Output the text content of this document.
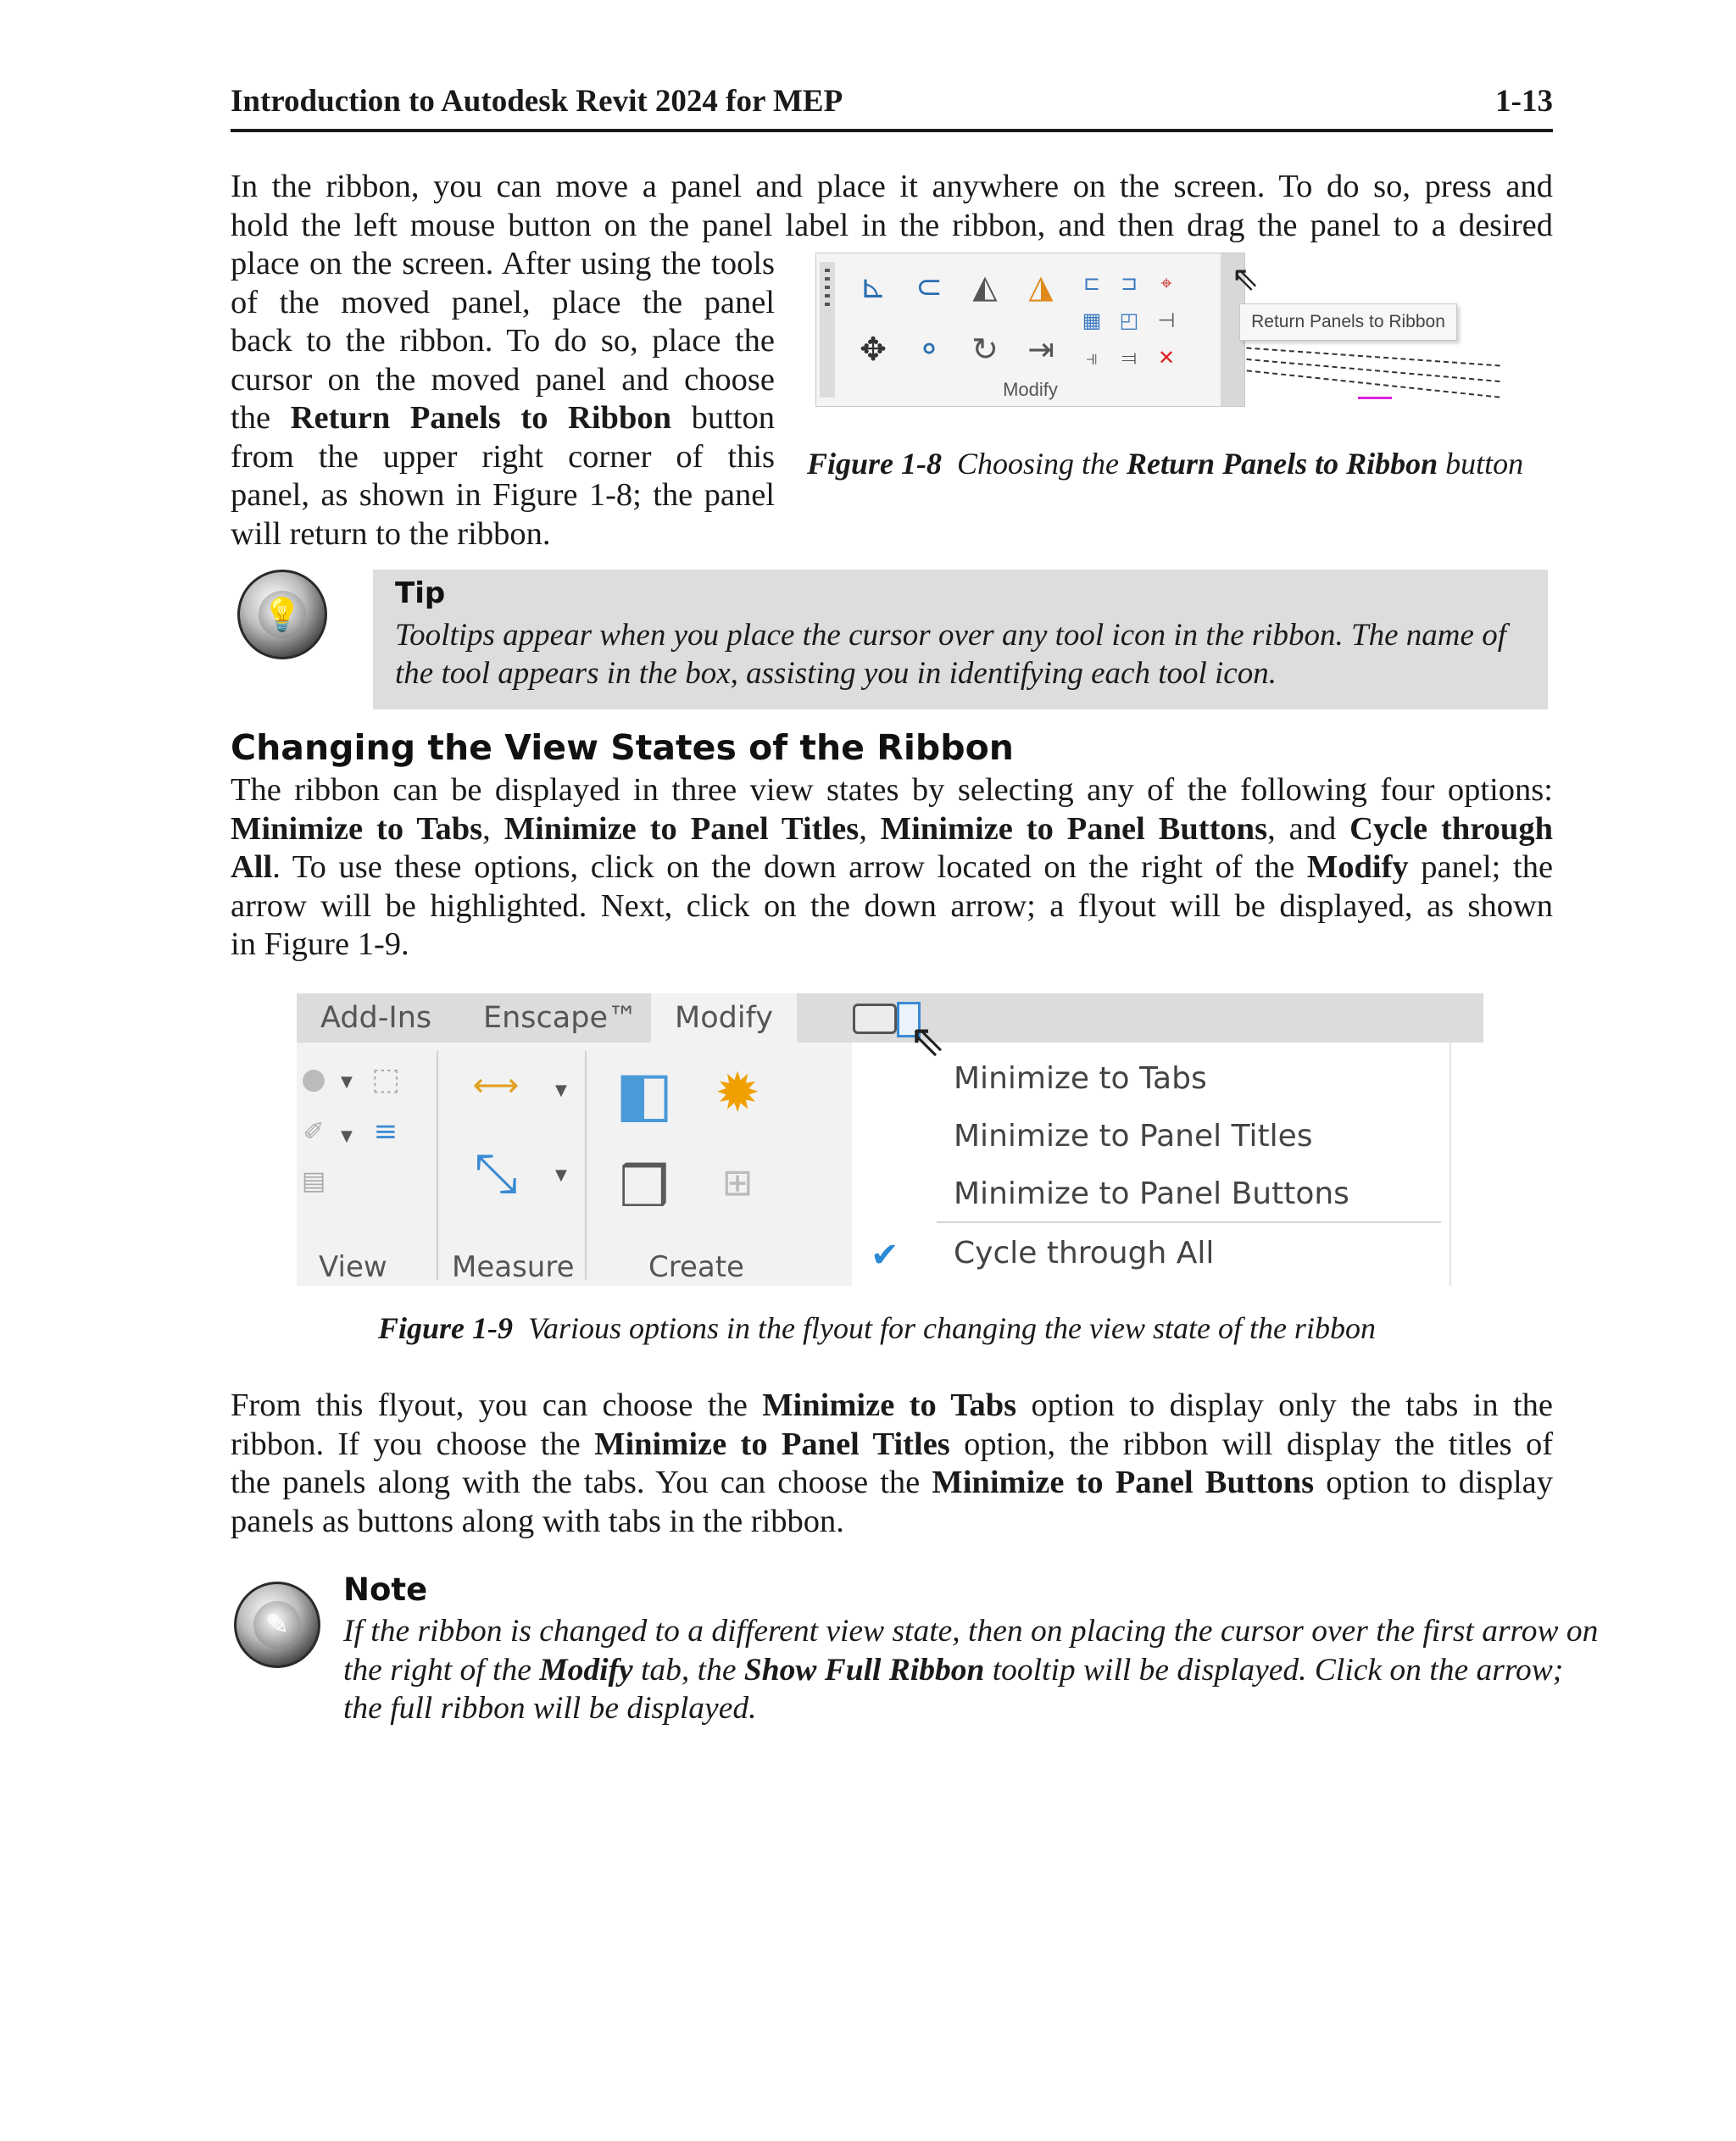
Introduction to Autodesk Revit 2024 for MEP	1-13
In the ribbon, you can move a panel and place it anywhere on the screen. To do so, press and
hold the left mouse button on the panel label in the ribbon, and then drag the panel to a desired
place on the screen. After using the tools
of the moved panel, place the panel
back to the ribbon. To do so, place the
cursor on the moved panel and choose
the Return Panels to Ribbon button
from the upper right corner of this
panel, as shown in Figure 1-8; the panel
will return to the ribbon.
⊾ ⊂ ◭ ◮	⊏ ⊐	⌖
✥ ⚬ ↻ ⇥
▦ ◰ ⊣
⫣	⫤	✕
Modify
⇖
Return Panels to Ribbon
Figure 1-8 Choosing the Return Panels to Ribbon button
💡
Tip
Tooltips appear when you place the cursor over any tool icon in the ribbon. The name of the tool appears in the box, assisting you in identifying each tool icon.
Changing the View States of the Ribbon
The ribbon can be displayed in three view states by selecting any of the following four options:
Minimize to Tabs, Minimize to Panel Titles, Minimize to Panel Buttons, and Cycle through
All. To use these options, click on the down arrow located on the right of the Modify panel; the
arrow will be highlighted. Next, click on the down arrow; a flyout will be displayed, as shown
in Figure 1-9.
Add-Ins Enscape™	Modify
● ▼ ⬚
✐	▼ ≡
▤
View
⟷	▼
⤡	▼
Measure
◧ ✹
❒	⊞
Create
Minimize to Tabs
Minimize to Panel Titles
Minimize to Panel Buttons
✔ Cycle through All
⇖
Figure 1-9 Various options in the flyout for changing the view state of the ribbon
From this flyout, you can choose the Minimize to Tabs option to display only the tabs in the
ribbon. If you choose the Minimize to Panel Titles option, the ribbon will display the titles of
the panels along with the tabs. You can choose the Minimize to Panel Buttons option to display
panels as buttons along with tabs in the ribbon.
✎
Note
If the ribbon is changed to a different view state, then on placing the cursor over the first arrow on
the right of the Modify tab, the Show Full Ribbon tooltip will be displayed. Click on the arrow;
the full ribbon will be displayed.
